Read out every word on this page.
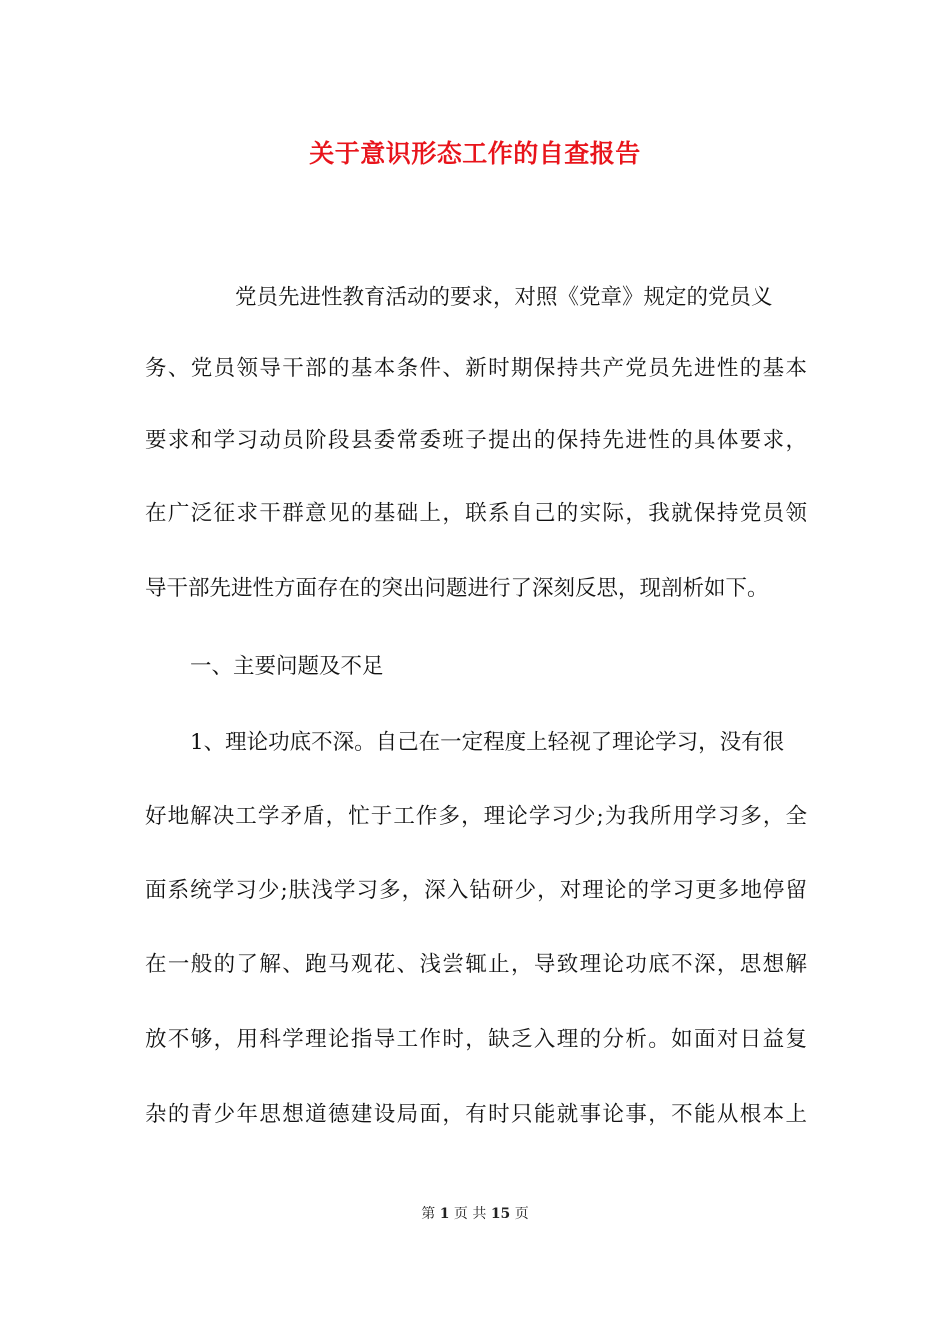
关于意识形态工作的自查报告
党员先进性教育活动的要求，对照《党章》规定的党员义
务、党员领导干部的基本条件、新时期保持共产党员先进性的基本
要求和学习动员阶段县委常委班子提出的保持先进性的具体要求，
在广泛征求干群意见的基础上，联系自己的实际，我就保持党员领
导干部先进性方面存在的突出问题进行了深刻反思，现剖析如下。
一、主要问题及不足
1、理论功底不深。自己在一定程度上轻视了理论学习，没有很
好地解决工学矛盾，忙于工作多，理论学习少;为我所用学习多，全
面系统学习少;肤浅学习多，深入钻研少，对理论的学习更多地停留
在一般的了解、跑马观花、浅尝辄止，导致理论功底不深，思想解
放不够，用科学理论指导工作时，缺乏入理的分析。如面对日益复
杂的青少年思想道德建设局面，有时只能就事论事，不能从根本上
第 1 页 共 15 页
